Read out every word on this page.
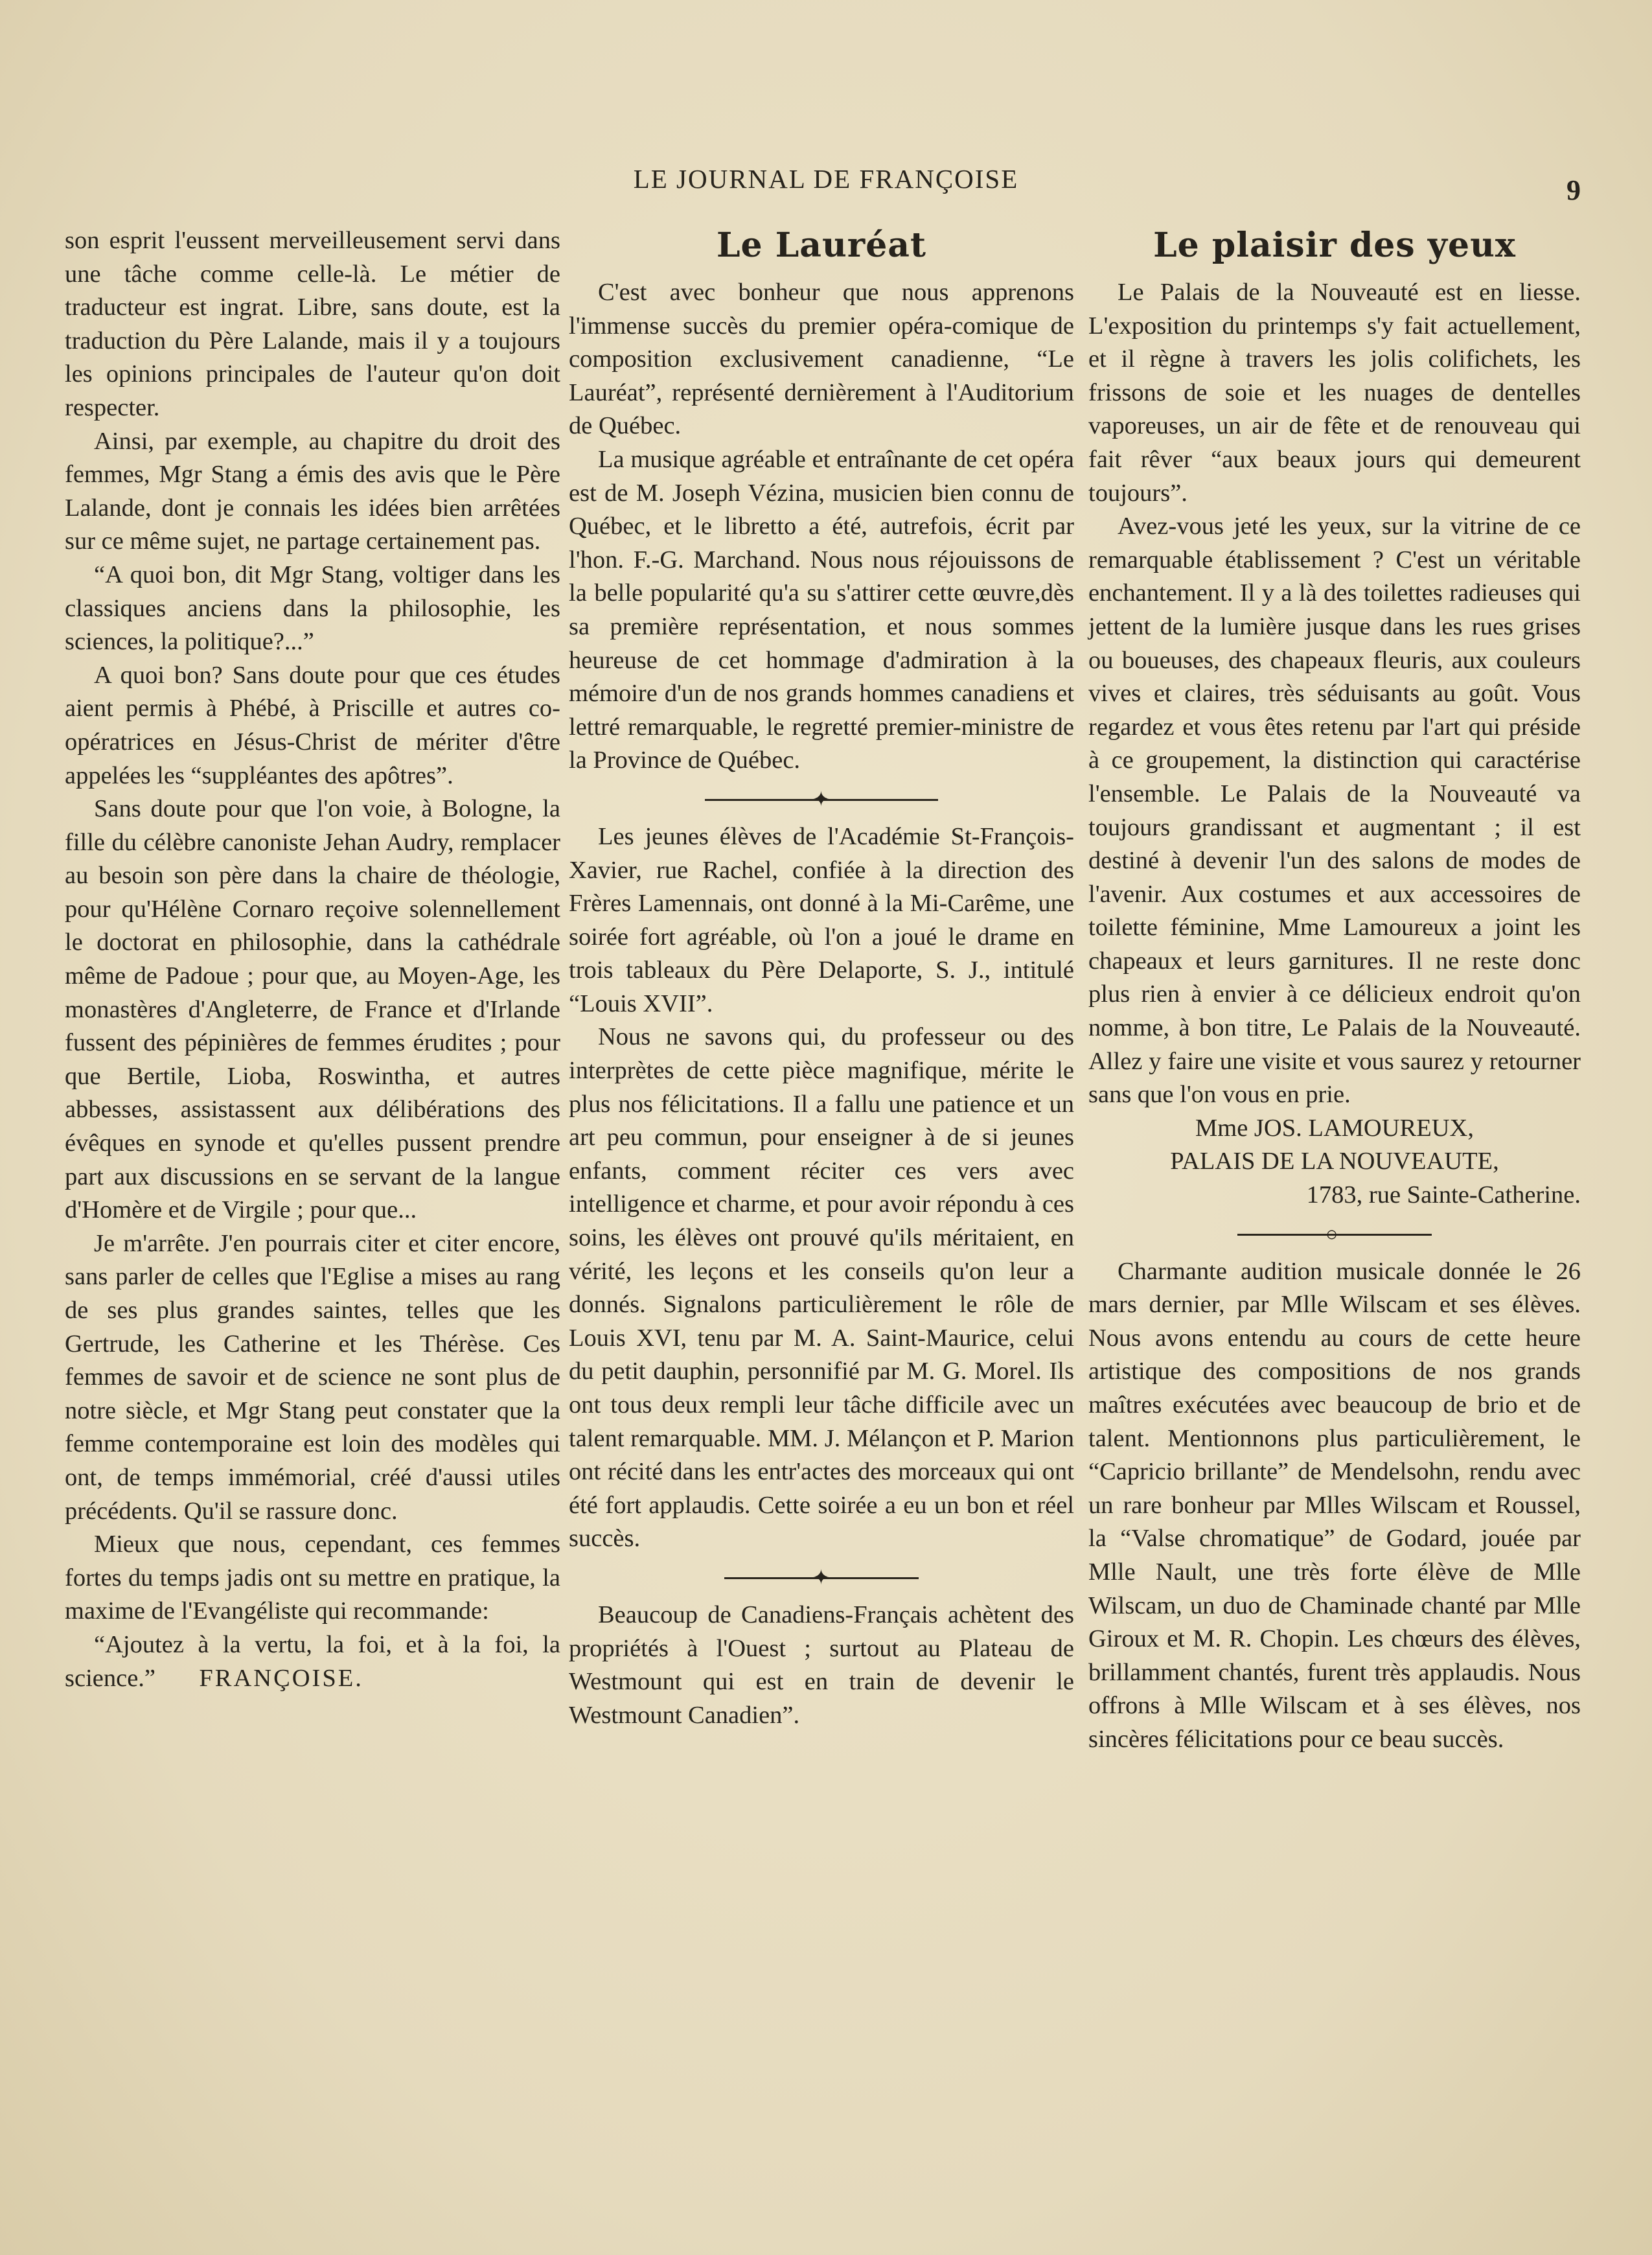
LE JOURNAL DE FRANÇOISE	9

son esprit l'eussent merveilleusement servi dans une tâche comme celle-là. Le métier de traducteur est ingrat. Libre, sans doute, est la traduction du Père Lalande, mais il y a toujours les opinions principales de l'auteur qu'on doit respecter.

Ainsi, par exemple, au chapitre du droit des femmes, Mgr Stang a émis des avis que le Père Lalande, dont je connais les idées bien arrêtées sur ce même sujet, ne partage certainement pas.

“A quoi bon, dit Mgr Stang, voltiger dans les classiques anciens dans la philosophie, les sciences, la politique?...”

A quoi bon? Sans doute pour que ces études aient permis à Phébé, à Priscille et autres co-opératrices en Jésus-Christ de mériter d'être appelées les “suppléantes des apôtres”.

Sans doute pour que l'on voie, à Bologne, la fille du célèbre canoniste Jehan Audry, remplacer au besoin son père dans la chaire de théologie, pour qu'Hélène Cornaro reçoive solennellement le doctorat en philosophie, dans la cathédrale même de Padoue ; pour que, au Moyen-Age, les monastères d'Angleterre, de France et d'Irlande fussent des pépinières de femmes érudites ; pour que Bertile, Lioba, Roswintha, et autres abbesses, assistassent aux délibérations des évêques en synode et qu'elles pussent prendre part aux discussions en se servant de la langue d'Homère et de Virgile ; pour que...

Je m'arrête. J'en pourrais citer et citer encore, sans parler de celles que l'Eglise a mises au rang de ses plus grandes saintes, telles que les Gertrude, les Catherine et les Thérèse. Ces femmes de savoir et de science ne sont plus de notre siècle, et Mgr Stang peut constater que la femme contemporaine est loin des modèles qui ont, de temps immémorial, créé d'aussi utiles précédents. Qu'il se rassure donc.

Mieux que nous, cependant, ces femmes fortes du temps jadis ont su mettre en pratique, la maxime de l'Evangéliste qui recommande:

“Ajoutez à la vertu, la foi, et à la foi, la science.” FRANÇOISE.

Le Lauréat

C'est avec bonheur que nous apprenons l'immense succès du premier opéra-comique de composition exclusivement canadienne, “Le Lauréat”, représenté dernièrement à l'Auditorium de Québec.

La musique agréable et entraînante de cet opéra est de M. Joseph Vézina, musicien bien connu de Québec, et le libretto a été, autrefois, écrit par l'hon. F.-G. Marchand. Nous nous réjouissons de la belle popularité qu'a su s'attirer cette œuvre,dès sa première représentation, et nous sommes heureuse de cet hommage d'admiration à la mémoire d'un de nos grands hommes canadiens et lettré remarquable, le regretté premier-ministre de la Province de Québec.

✦

Les jeunes élèves de l'Académie St-François-Xavier, rue Rachel, confiée à la direction des Frères Lamennais, ont donné à la Mi-Carême, une soirée fort agréable, où l'on a joué le drame en trois tableaux du Père Delaporte, S. J., intitulé “Louis XVII”.

Nous ne savons qui, du professeur ou des interprètes de cette pièce magnifique, mérite le plus nos félicitations. Il a fallu une patience et un art peu commun, pour enseigner à de si jeunes enfants, comment réciter ces vers avec intelligence et charme, et pour avoir répondu à ces soins, les élèves ont prouvé qu'ils méritaient, en vérité, les leçons et les conseils qu'on leur a donnés. Signalons particulièrement le rôle de Louis XVI, tenu par M. A. Saint-Maurice, celui du petit dauphin, personnifié par M. G. Morel. Ils ont tous deux rempli leur tâche difficile avec un talent remarquable. MM. J. Mélançon et P. Marion ont récité dans les entr'actes des morceaux qui ont été fort applaudis. Cette soirée a eu un bon et réel succès.

✦

Beaucoup de Canadiens-Français achètent des propriétés à l'Ouest ; surtout au Plateau de Westmount qui est en train de devenir le Westmount Canadien”.

Le plaisir des yeux

Le Palais de la Nouveauté est en liesse. L'exposition du printemps s'y fait actuellement, et il règne à travers les jolis colifichets, les frissons de soie et les nuages de dentelles vaporeuses, un air de fête et de renouveau qui fait rêver “aux beaux jours qui demeurent toujours”.

Avez-vous jeté les yeux, sur la vitrine de ce remarquable établissement ? C'est un véritable enchantement. Il y a là des toilettes radieuses qui jettent de la lumière jusque dans les rues grises ou boueuses, des chapeaux fleuris, aux couleurs vives et claires, très séduisants au goût. Vous regardez et vous êtes retenu par l'art qui préside à ce groupement, la distinction qui caractérise l'ensemble. Le Palais de la Nouveauté va toujours grandissant et augmentant ; il est destiné à devenir l'un des salons de modes de l'avenir. Aux costumes et aux accessoires de toilette féminine, Mme Lamoureux a joint les chapeaux et leurs garnitures. Il ne reste donc plus rien à envier à ce délicieux endroit qu'on nomme, à bon titre, Le Palais de la Nouveauté. Allez y faire une visite et vous saurez y retourner sans que l'on vous en prie.

Mme JOS. LAMOUREUX,

PALAIS DE LA NOUVEAUTE,

1783, rue Sainte-Catherine.

○

Charmante audition musicale donnée le 26 mars dernier, par Mlle Wilscam et ses élèves. Nous avons entendu au cours de cette heure artistique des compositions de nos grands maîtres exécutées avec beaucoup de brio et de talent. Mentionnons plus particulièrement, le “Capricio brillante” de Mendelsohn, rendu avec un rare bonheur par Mlles Wilscam et Roussel, la “Valse chromatique” de Godard, jouée par Mlle Nault, une très forte élève de Mlle Wilscam, un duo de Chaminade chanté par Mlle Giroux et M. R. Chopin. Les chœurs des élèves, brillamment chantés, furent très applaudis. Nous offrons à Mlle Wilscam et à ses élèves, nos sincères félicitations pour ce beau succès.
